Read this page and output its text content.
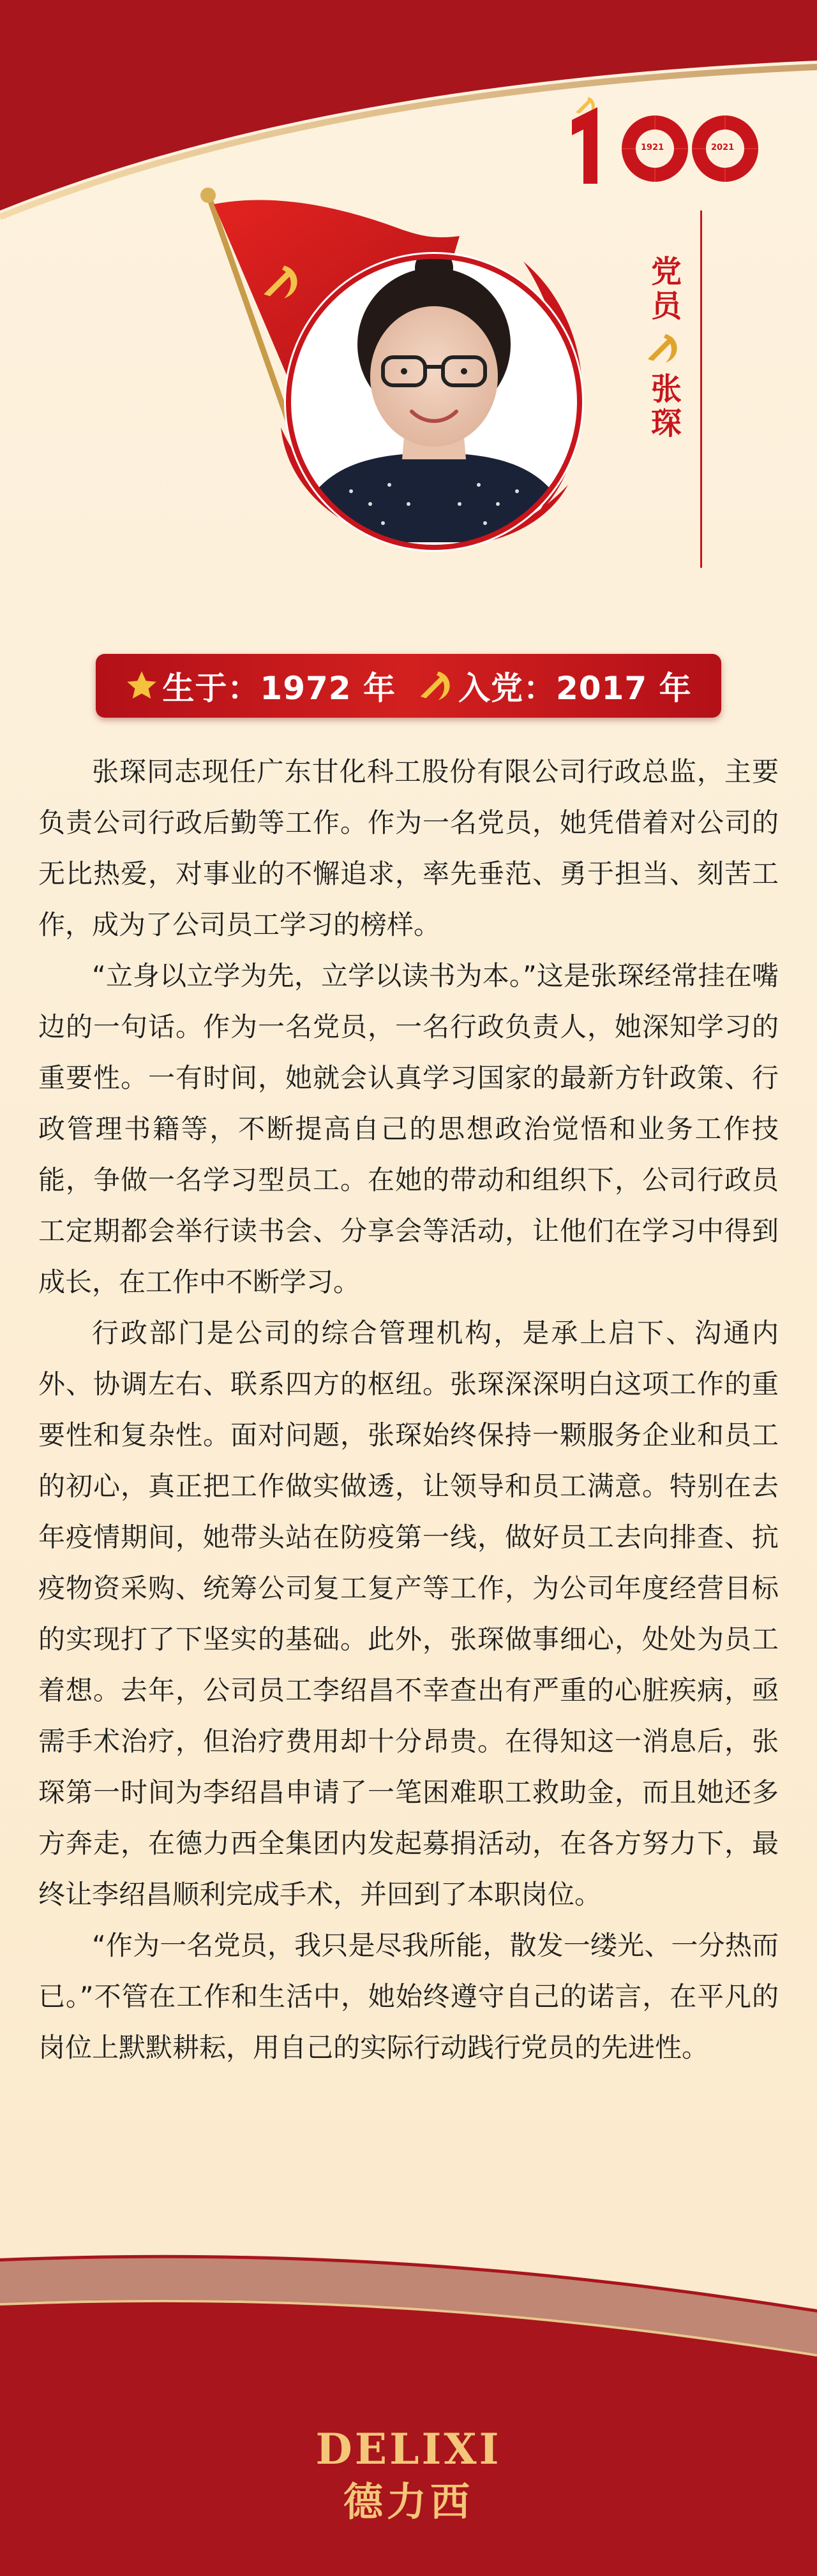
1921	2021
党员
张琛
生于：1972 年 入党：2017 年

张琛同志现任广东甘化科工股份有限公司行政总监，主要负责公司行政后勤等工作。作为一名党员，她凭借着对公司的无比热爱，对事业的不懈追求，率先垂范、勇于担当、刻苦工作，成为了公司员工学习的榜样。

“立身以立学为先，立学以读书为本。”这是张琛经常挂在嘴边的一句话。作为一名党员，一名行政负责人，她深知学习的重要性。一有时间，她就会认真学习国家的最新方针政策、行政管理书籍等，不断提高自己的思想政治觉悟和业务工作技能，争做一名学习型员工。在她的带动和组织下，公司行政员工定期都会举行读书会、分享会等活动，让他们在学习中得到成长，在工作中不断学习。

行政部门是公司的综合管理机构，是承上启下、沟通内外、协调左右、联系四方的枢纽。张琛深深明白这项工作的重要性和复杂性。面对问题，张琛始终保持一颗服务企业和员工的初心，真正把工作做实做透，让领导和员工满意。特别在去年疫情期间，她带头站在防疫第一线，做好员工去向排查、抗疫物资采购、统筹公司复工复产等工作，为公司年度经营目标的实现打了下坚实的基础。此外，张琛做事细心，处处为员工着想。去年，公司员工李绍昌不幸查出有严重的心脏疾病，亟需手术治疗，但治疗费用却十分昂贵。在得知这一消息后，张琛第一时间为李绍昌申请了一笔困难职工救助金，而且她还多方奔走，在德力西全集团内发起募捐活动，在各方努力下，最终让李绍昌顺利完成手术，并回到了本职岗位。

“作为一名党员，我只是尽我所能，散发一缕光、一分热而已。”不管在工作和生活中，她始终遵守自己的诺言，在平凡的岗位上默默耕耘，用自己的实际行动践行党员的先进性。

DELIXI
德力西
